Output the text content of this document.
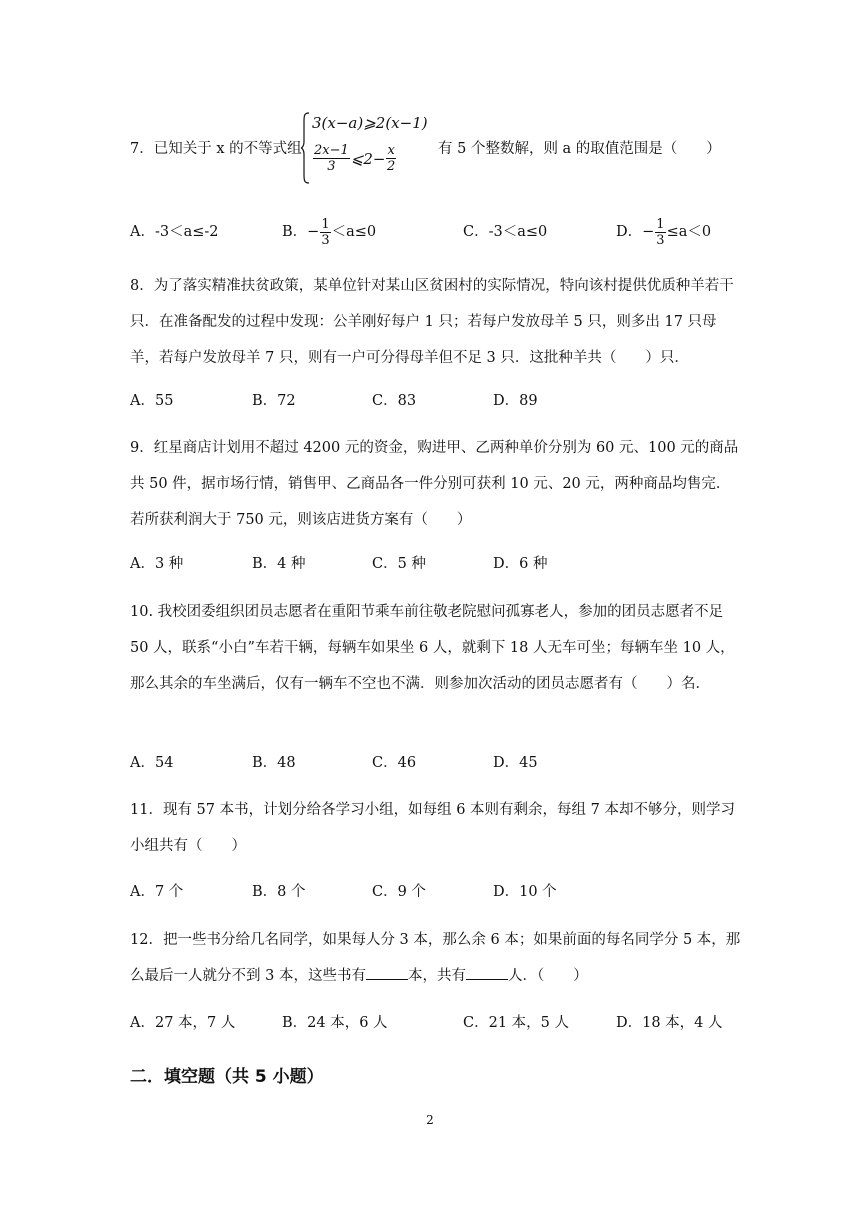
7．已知关于 x 的不等式组
3(x−a)⩾2(x−1)
$\frac{2x-1}{3}$ ⩽2− $\frac{x}{2}$	有 5 个整数解，则 a 的取值范围是（　　）
A．-3＜a≤-2	B．− $\frac{1}{3} <a\le 0$	C．-3＜a≤0	D．− $\frac{1}{3} \le a<0$
8．为了落实精准扶贫政策，某单位针对某山区贫困村的实际情况，特向该村提供优质种羊若干只．在准备配发的过程中发现：公羊刚好每户 1 只；若每户发放母羊 5 只，则多出 17 只母羊，若每户发放母羊 7 只，则有一户可分得母羊但不足 3 只．这批种羊共（　　）只．
A．55	B．72	C．83	D．89
9．红星商店计划用不超过 4200 元的资金，购进甲、乙两种单价分别为 60 元、100 元的商品共 50 件，据市场行情，销售甲、乙商品各一件分别可获利 10 元、20 元，两种商品均售完．若所获利润大于 750 元，则该店进货方案有（　　）
A．3 种	B．4 种	C．5 种	D．6 种
10. 我校团委组织团员志愿者在重阳节乘车前往敬老院慰问孤寡老人，参加的团员志愿者不足 50 人，联系“小白”车若干辆，每辆车如果坐 6 人，就剩下 18 人无车可坐；每辆车坐 10 人，那么其余的车坐满后，仅有一辆车不空也不满．则参加次活动的团员志愿者有（　　）名．
A．54	B．48	C．46	D．45
11．现有 57 本书，计划分给各学习小组，如每组 6 本则有剩余，每组 7 本却不够分，则学习小组共有（　　）
A．7 个	B．8 个	C．9 个	D．10 个
12．把一些书分给几名同学，如果每人分 3 本，那么余 6 本；如果前面的每名同学分 5 本，那么最后一人就分不到 3 本，这些书有	本，共有	人．（　　）
A．27 本，7 人	B．24 本，6 人	C．21 本，5 人	D．18 本，4 人
二．填空题（共 5 小题）
2
